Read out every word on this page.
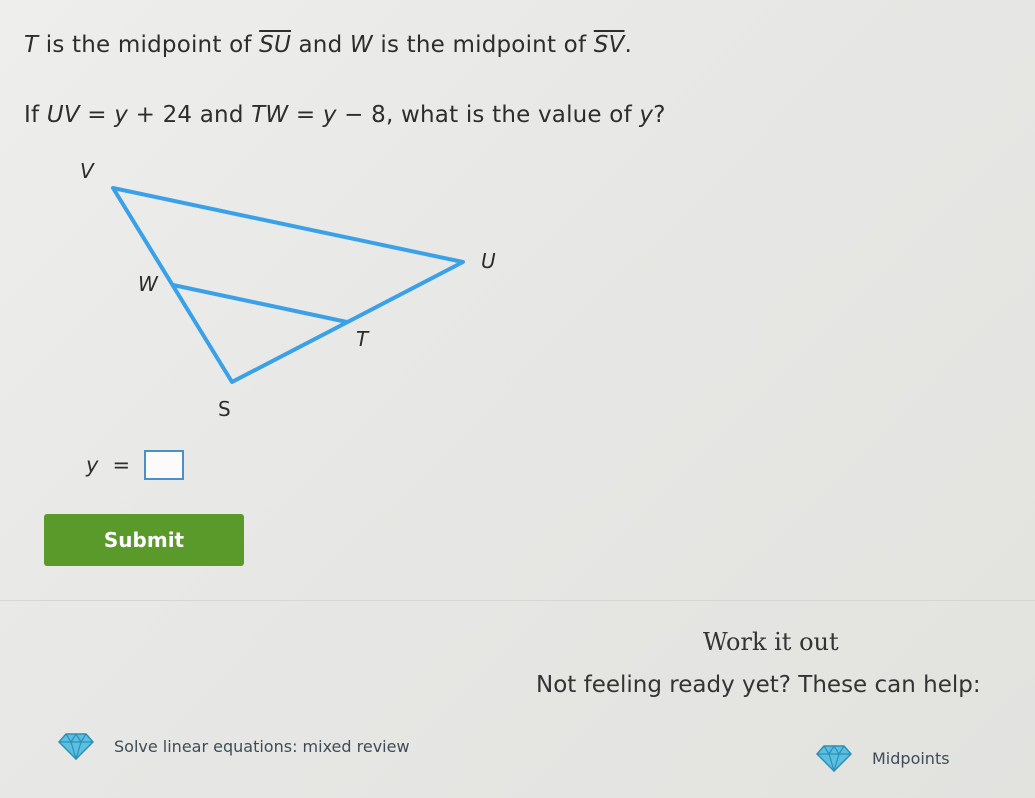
T is the midpoint of $\overline{SU}$ and W is the midpoint of $\overline{SV}$.
If UV = y + 24 and TW = y − 8, what is the value of y?
V
U
W
T
S
y =
Submit
Work it out
Not feeling ready yet? These can help:
Solve linear equations: mixed review
Midpoints
